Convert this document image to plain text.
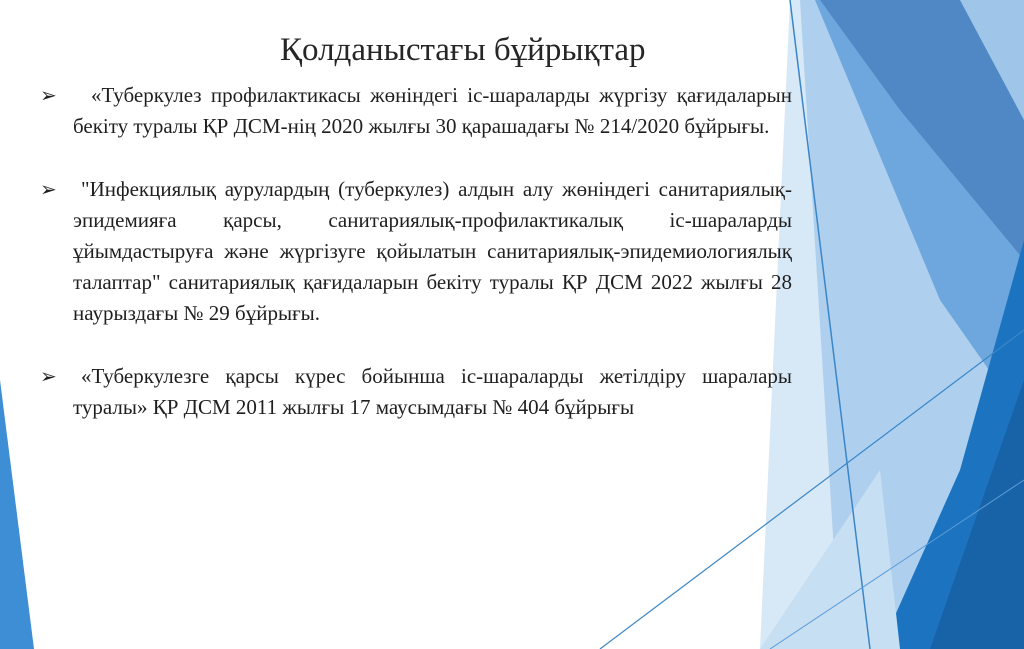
Қолданыстағы бұйрықтар
➢	«Туберкулез профилактикасы жөніндегі іс-шараларды жүргізу қағидаларын бекіту туралы ҚР ДСМ-нің 2020 жылғы 30 қарашадағы № 214/2020 бұйрығы.

➢	"Инфекциялық аурулардың (туберкулез) алдын алу жөніндегі санитариялық-эпидемияға қарсы, санитариялық-профилактикалық іс-шараларды ұйымдастыруға және жүргізуге қойылатын санитариялық-эпидемиологиялық талаптар" санитариялық қағидаларын бекіту туралы ҚР ДСМ 2022 жылғы 28 наурыздағы № 29 бұйрығы.

➢	«Туберкулезге қарсы күрес бойынша іс-шараларды жетілдіру шаралары туралы» ҚР ДСМ 2011 жылғы 17 маусымдағы № 404 бұйрығы
